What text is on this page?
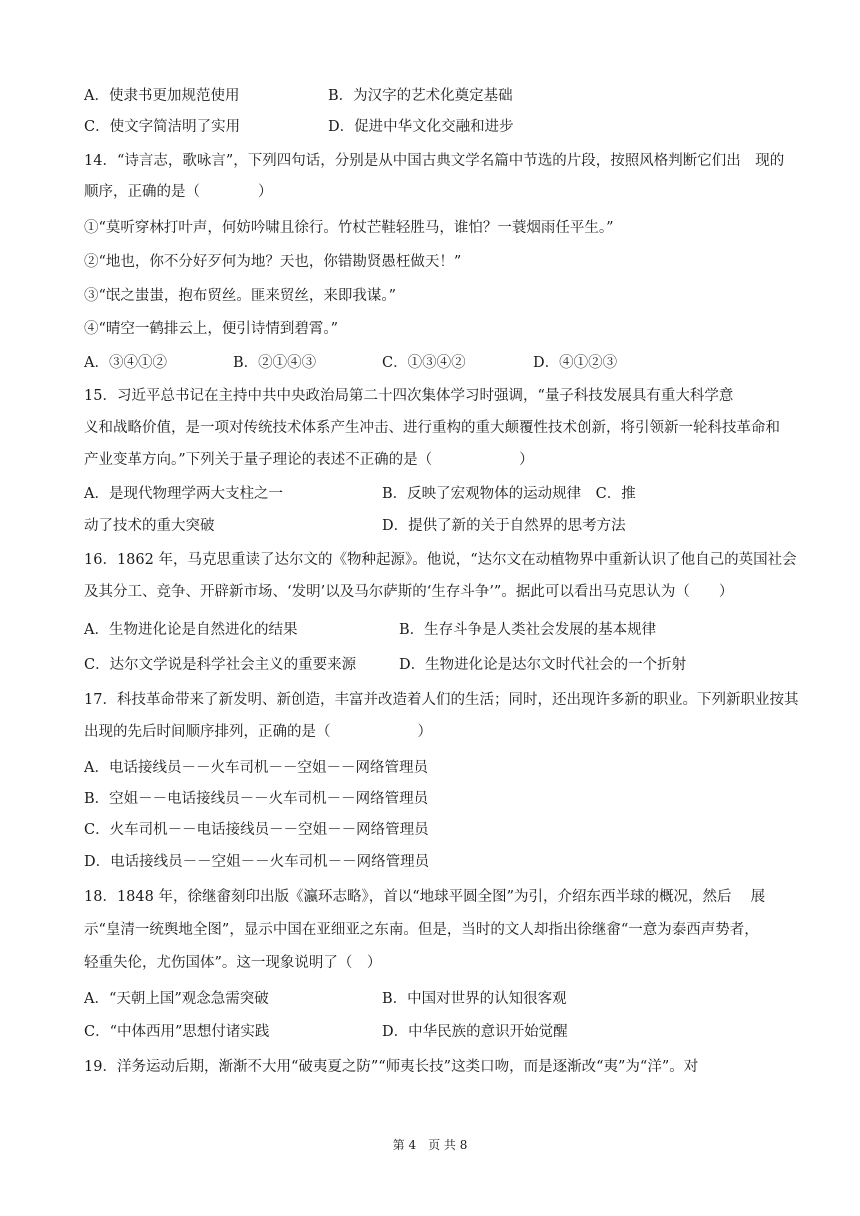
A．使隶书更加规范使用	B．为汉字的艺术化奠定基础
C．使文字简洁明了实用	D．促进中华文化交融和进步
14．“诗言志，歌咏言”，下列四句话，分别是从中国古典文学名篇中节选的片段，按照风格判断它们出　现的
顺序，正确的是（　　　　）
①“莫听穿林打叶声，何妨吟啸且徐行。竹杖芒鞋轻胜马，谁怕？一蓑烟雨任平生。”
②“地也，你不分好歹何为地？天也，你错勘贤愚枉做天！”
③“氓之蚩蚩，抱布贸丝。匪来贸丝，来即我谋。”
④“晴空一鹤排云上，便引诗情到碧霄。”
A．③④①②	B．②①④③	C．①③④②	D．④①②③
15．习近平总书记在主持中共中央政治局第二十四次集体学习时强调，“量子科技发展具有重大科学意
义和战略价值，是一项对传统技术体系产生冲击、进行重构的重大颠覆性技术创新，将引领新一轮科技革命和
产业变革方向。”下列关于量子理论的表述不正确的是（　　　　　　）
A．是现代物理学两大支柱之一	B．反映了宏观物体的运动规律　C．推
动了技术的重大突破	D．提供了新的关于自然界的思考方法
16．1862 年，马克思重读了达尔文的《物种起源》。他说，“达尔文在动植物界中重新认识了他自己的英国社会
及其分工、竞争、开辟新市场、‘发明’以及马尔萨斯的‘生存斗争’”。据此可以看出马克思认为（　　）
A．生物进化论是自然进化的结果	B．生存斗争是人类社会发展的基本规律
C．达尔文学说是科学社会主义的重要来源	D．生物进化论是达尔文时代社会的一个折射
17．科技革命带来了新发明、新创造，丰富并改造着人们的生活；同时，还出现许多新的职业。下列新职业按其
出现的先后时间顺序排列，正确的是（　　　　　　）
A．电话接线员－－火车司机－－空姐－－网络管理员
B．空姐－－电话接线员－－火车司机－－网络管理员
C．火车司机－－电话接线员－－空姐－－网络管理员
D．电话接线员－－空姐－－火车司机－－网络管理员
18．1848 年，徐继畲刻印出版《瀛环志略》，首以“地球平圆全图”为引，介绍东西半球的概况，然后　 展
示“皇清一统舆地全图”，显示中国在亚细亚之东南。但是，当时的文人却指出徐继畲“一意为泰西声势者，
轻重失伦，尤伤国体”。这一现象说明了（　）
A．“天朝上国”观念急需突破	B．中国对世界的认知很客观
C．“中体西用”思想付诸实践	D．中华民族的意识开始觉醒
19．洋务运动后期，渐渐不大用“破夷夏之防”“师夷长技”这类口吻，而是逐渐改“夷”为“洋”。对
第 4　页 共 8
